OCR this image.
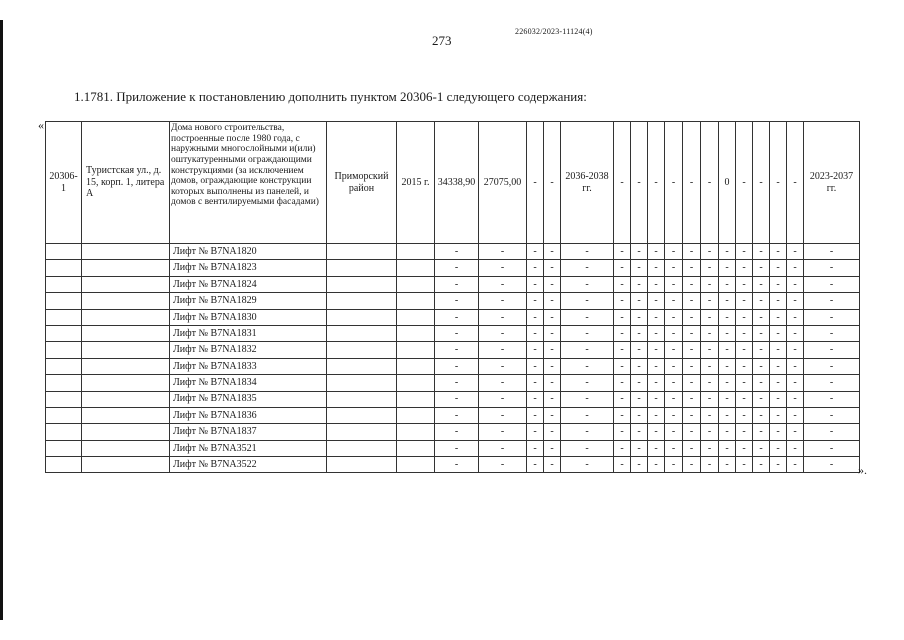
226032/2023-11124(4)
273
1.1781. Приложение к постановлению дополнить пунктом 20306-1 следующего содержания:
«
20306-1	Туристская ул., д. 15, корп. 1, литера А	Дома нового строительства, построенные после 1980 года, с наружными многослойными и(или) оштукатуренными ограждающими конструкциями (за исключением домов, ограждающие конструкции которых выполнены из панелей, и домов с вентилируемыми фасадами)	Приморский район	2015 г.	34338,90	27075,00	-	-	2036-2038 гг.	-	-	-	-	-	-	0	-	-	-	-	2023-2037 гг.
		Лифт № B7NA1820			-	-	-	-	-	-	-	-	-	-	-	-	-	-	-	-	-
		Лифт № B7NA1823			-	-	-	-	-	-	-	-	-	-	-	-	-	-	-	-	-
		Лифт № B7NA1824			-	-	-	-	-	-	-	-	-	-	-	-	-	-	-	-	-
		Лифт № B7NA1829			-	-	-	-	-	-	-	-	-	-	-	-	-	-	-	-	-
		Лифт № B7NA1830			-	-	-	-	-	-	-	-	-	-	-	-	-	-	-	-	-
		Лифт № B7NA1831			-	-	-	-	-	-	-	-	-	-	-	-	-	-	-	-	-
		Лифт № B7NA1832			-	-	-	-	-	-	-	-	-	-	-	-	-	-	-	-	-
		Лифт № B7NA1833			-	-	-	-	-	-	-	-	-	-	-	-	-	-	-	-	-
		Лифт № B7NA1834			-	-	-	-	-	-	-	-	-	-	-	-	-	-	-	-	-
		Лифт № B7NA1835			-	-	-	-	-	-	-	-	-	-	-	-	-	-	-	-	-
		Лифт № B7NA1836			-	-	-	-	-	-	-	-	-	-	-	-	-	-	-	-	-
		Лифт № B7NA1837			-	-	-	-	-	-	-	-	-	-	-	-	-	-	-	-	-
		Лифт № B7NA3521			-	-	-	-	-	-	-	-	-	-	-	-	-	-	-	-	-
		Лифт № B7NA3522			-	-	-	-	-	-	-	-	-	-	-	-	-	-	-	-	- ».
